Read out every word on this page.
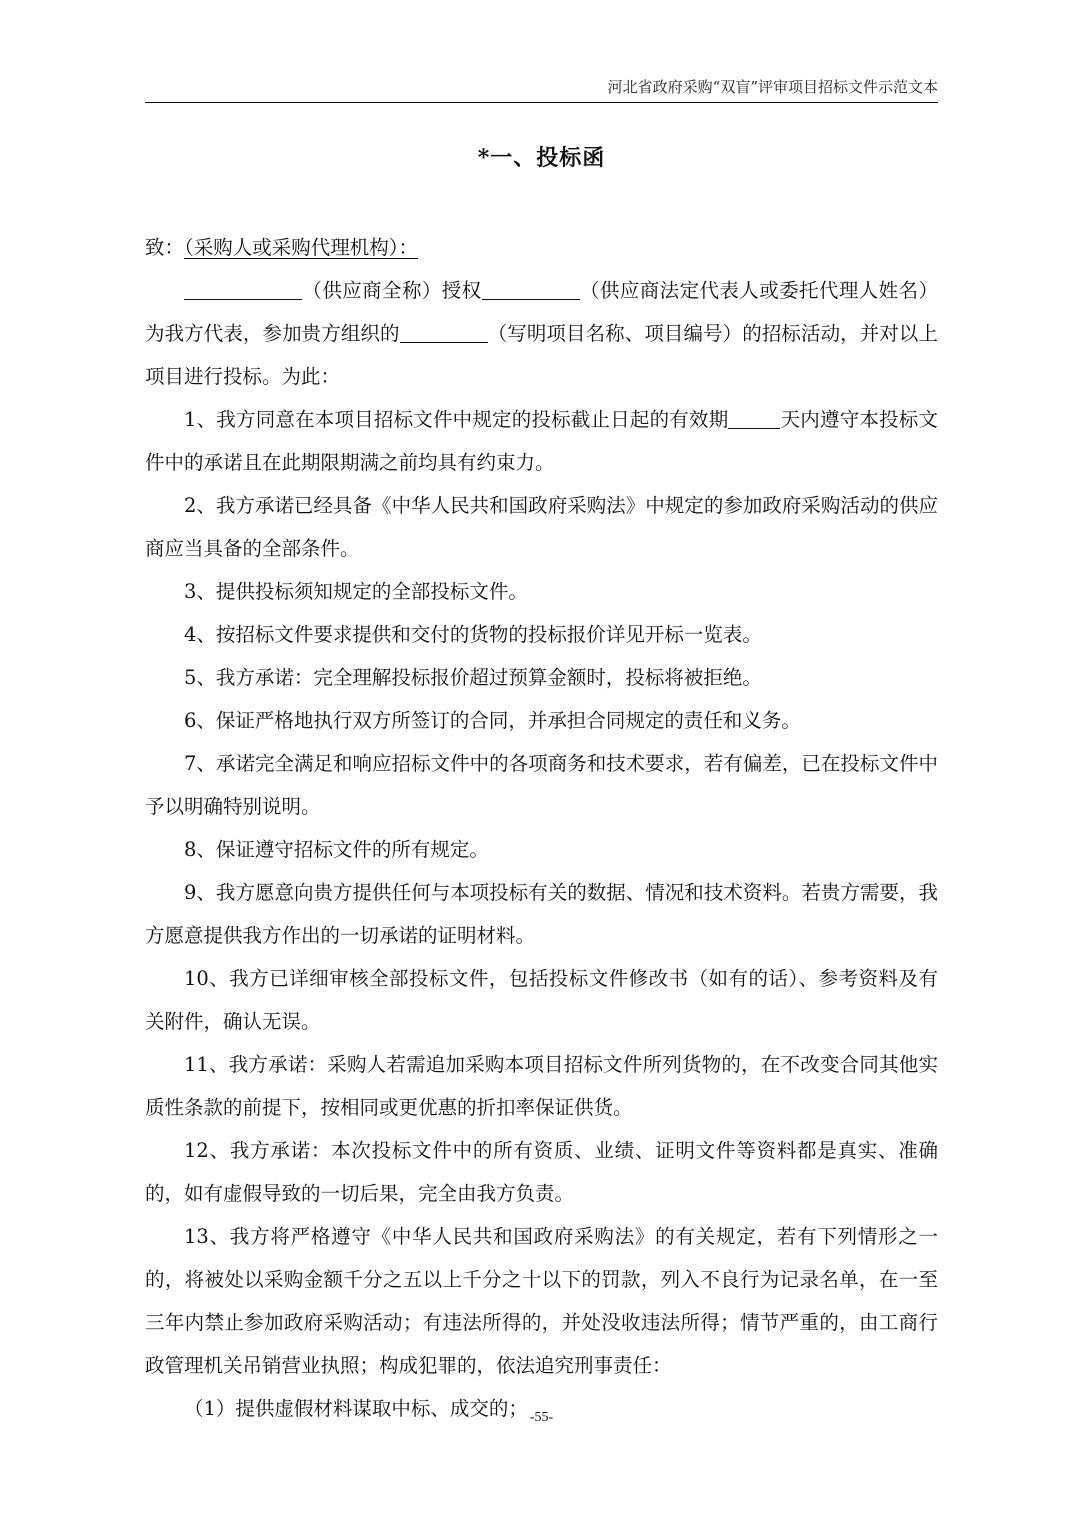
河北省政府采购“双盲”评审项目招标文件示范文本
*一、投标函

致：（采购人或采购代理机构）：

（供应商全称）授权	（供应商法定代表人或委托代理人姓名）为我方代表，参加贵方组织的	（写明项目名称、项目编号）的招标活动，并对以上项目进行投标。为此：

1、我方同意在本项目招标文件中规定的投标截止日起的有效期	天内遵守本投标文件中的承诺且在此期限期满之前均具有约束力。

2、我方承诺已经具备《中华人民共和国政府采购法》中规定的参加政府采购活动的供应商应当具备的全部条件。

3、提供投标须知规定的全部投标文件。

4、按招标文件要求提供和交付的货物的投标报价详见开标一览表。

5、我方承诺：完全理解投标报价超过预算金额时，投标将被拒绝。

6、保证严格地执行双方所签订的合同，并承担合同规定的责任和义务。

7、承诺完全满足和响应招标文件中的各项商务和技术要求，若有偏差，已在投标文件中予以明确特别说明。

8、保证遵守招标文件的所有规定。

9、我方愿意向贵方提供任何与本项投标有关的数据、情况和技术资料。若贵方需要，我方愿意提供我方作出的一切承诺的证明材料。

10、我方已详细审核全部投标文件，包括投标文件修改书（如有的话）、参考资料及有关附件，确认无误。

11、我方承诺：采购人若需追加采购本项目招标文件所列货物的，在不改变合同其他实质性条款的前提下，按相同或更优惠的折扣率保证供货。

12、我方承诺：本次投标文件中的所有资质、业绩、证明文件等资料都是真实、准确的，如有虚假导致的一切后果，完全由我方负责。

13、我方将严格遵守《中华人民共和国政府采购法》的有关规定，若有下列情形之一的，将被处以采购金额千分之五以上千分之十以下的罚款，列入不良行为记录名单，在一至三年内禁止参加政府采购活动；有违法所得的，并处没收违法所得；情节严重的，由工商行政管理机关吊销营业执照；构成犯罪的，依法追究刑事责任：

（1）提供虚假材料谋取中标、成交的； -55-
